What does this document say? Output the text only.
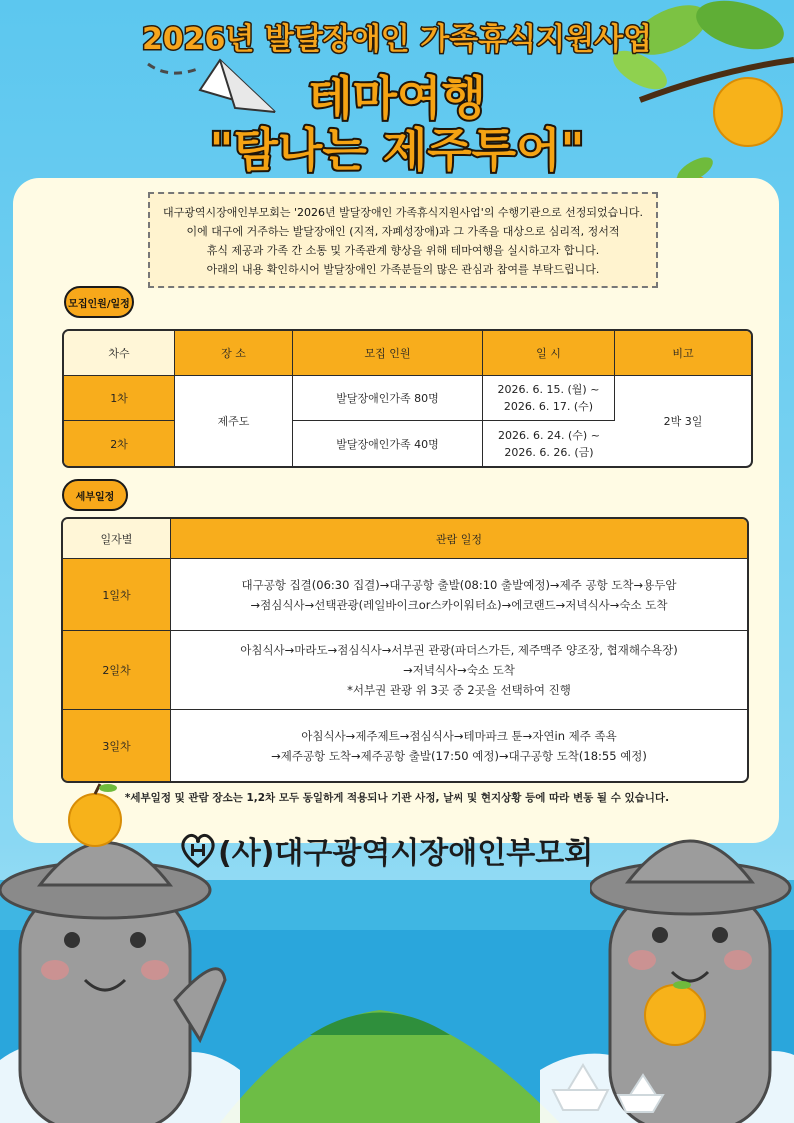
2026년 발달장애인 가족휴식지원사업
테마여행
"탐나는 제주투어"
대구광역시장애인부모회는 '2026년 발달장애인 가족휴식지원사업'의 수행기관으로 선정되었습니다.
이에 대구에 거주하는 발달장애인 (지적, 자폐성장애)과 그 가족을 대상으로 심리적, 정서적
휴식 제공과 가족 간 소통 및 가족관계 향상을 위해 테마여행을 실시하고자 합니다.
아래의 내용 확인하시어 발달장애인 가족분들의 많은 관심과 참여를 부탁드립니다.
모집인원/일정
차수	장 소	모집 인원	일 시	비고
1차	제주도	발달장애인가족 80명	2026. 6. 15. (월) ~
2026. 6. 17. (수)	2박 3일
2차		발달장애인가족 40명	2026. 6. 24. (수) ~
2026. 6. 26. (금)	
세부일정
일자별	관람 일정
1일차	대구공항 집결(06:30 집결)→대구공항 출발(08:10 출발예정)→제주 공항 도착→용두암
→점심식사→선택관광(레일바이크or스카이워터쇼)→에코랜드→저녁식사→숙소 도착

2일차	아침식사→마라도→점심식사→서부권 관광(파더스가든, 제주맥주 양조장, 협재해수욕장)
→저녁식사→숙소 도착
*서부권 관광 위 3곳 중 2곳을 선택하여 진행

3일차	아침식사→제주제트→점심식사→테마파크 툰→자연in 제주 족욕
→제주공항 도착→제주공항 출발(17:50 예정)→대구공항 도착(18:55 예정)
*세부일정 및 관람 장소는 1,2차 모두 동일하게 적용되나 기관 사정, 날씨 및 현지상황 등에 따라 변동 될 수 있습니다.
(사)대구광역시장애인부모회
